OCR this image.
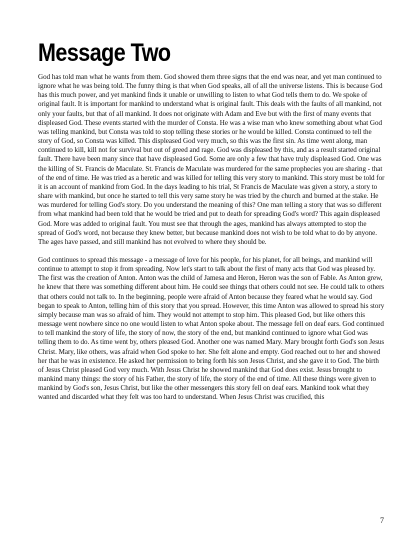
Message Two

God has told man what he wants from them. God showed them three signs that the end was near, and yet man continued to ignore what he was being told. The funny thing is that when God speaks, all of all the universe listens. This is because God has this much power, and yet mankind finds it unable or unwilling to listen to what God tells them to do. We spoke of original fault. It is important for mankind to understand what is original fault. This deals with the faults of all mankind, not only your faults, but that of all mankind. It does not originate with Adam and Eve but with the first of many events that displeased God. These events started with the murder of Consta. He was a wise man who knew something about what God was telling mankind, but Consta was told to stop telling these stories or he would be killed. Consta continued to tell the story of God, so Consta was killed. This displeased God very much, so this was the first sin. As time went along, man continued to kill, kill not for survival but out of greed and rage. God was displeased by this, and as a result started original fault. There have been many since that have displeased God. Some are only a few that have truly displeased God. One was the killing of St. Francis de Maculate. St. Francis de Maculate was murdered for the same prophecies you are sharing - that of the end of time. He was tried as a heretic and was killed for telling this very story to mankind. This story must be told for it is an account of mankind from God. In the days leading to his trial, St Francis de Maculate was given a story, a story to share with mankind, but once he started to tell this very same story he was tried by the church and burned at the stake. He was murdered for telling God's story. Do you understand the meaning of this? One man telling a story that was so different from what mankind had been told that he would be tried and put to death for spreading God's word? This again displeased God. More was added to original fault. You must see that through the ages, mankind has always attempted to stop the spread of God's word, not because they knew better, but because mankind does not wish to be told what to do by anyone. The ages have passed, and still mankind has not evolved to where they should be.

God continues to spread this message - a message of love for his people, for his planet, for all beings, and mankind will continue to attempt to stop it from spreading. Now let's start to talk about the first of many acts that God was pleased by. The first was the creation of Anton. Anton was the child of Jamesa and Heron, Heron was the son of Fable. As Anton grew, he knew that there was something different about him. He could see things that others could not see. He could talk to others that others could not talk to. In the beginning, people were afraid of Anton because they feared what he would say. God began to speak to Anton, telling him of this story that you spread. However, this time Anton was allowed to spread his story simply because man was so afraid of him. They would not attempt to stop him. This pleased God, but like others this message went nowhere since no one would listen to what Anton spoke about. The message fell on deaf ears. God continued to tell mankind the story of life, the story of now, the story of the end, but mankind continued to ignore what God was telling them to do. As time went by, others pleased God. Another one was named Mary. Mary brought forth God's son Jesus Christ. Mary, like others, was afraid when God spoke to her. She felt alone and empty. God reached out to her and showed her that he was in existence. He asked her permission to bring forth his son Jesus Christ, and she gave it to God. The birth of Jesus Christ pleased God very much. With Jesus Christ he showed mankind that God does exist. Jesus brought to mankind many things: the story of his Father, the story of life, the story of the end of time. All these things were given to mankind by God's son, Jesus Christ, but like the other messengers this story fell on deaf ears. Mankind took what they wanted and discarded what they felt was too hard to understand. When Jesus Christ was crucified, this

7
